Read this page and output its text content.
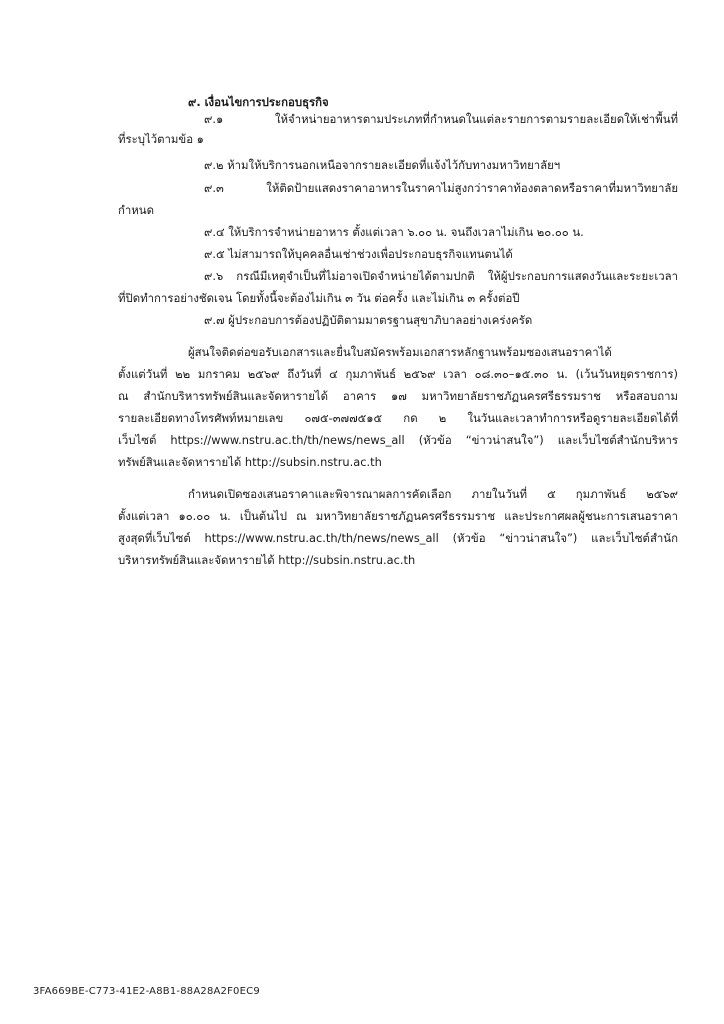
๙. เงื่อนไขการประกอบธุรกิจ
๙.๑ ให้จำหน่ายอาหารตามประเภทที่กำหนดในแต่ละรายการตามรายละเอียดให้เช่าพื้นที่
ที่ระบุไว้ตามข้อ ๑
๙.๒ ห้ามให้บริการนอกเหนือจากรายละเอียดที่แจ้งไว้กับทางมหาวิทยาลัยฯ
๙.๓ ให้ติดป้ายแสดงราคาอาหารในราคาไม่สูงกว่าราคาท้องตลาดหรือราคาที่มหาวิทยาลัย
กำหนด
๙.๔ ให้บริการจำหน่ายอาหาร ตั้งแต่เวลา ๖.๐๐ น. จนถึงเวลาไม่เกิน ๒๐.๐๐ น.
๙.๕ ไม่สามารถให้บุคคลอื่นเช่าช่วงเพื่อประกอบธุรกิจแทนตนได้
๙.๖ กรณีมีเหตุจำเป็นที่ไม่อาจเปิดจำหน่ายได้ตามปกติ ให้ผู้ประกอบการแสดงวันและระยะเวลา
ที่ปิดทำการอย่างชัดเจน โดยทั้งนี้จะต้องไม่เกิน ๓ วัน ต่อครั้ง และไม่เกิน ๓ ครั้งต่อปี
๙.๗ ผู้ประกอบการต้องปฏิบัติตามมาตรฐานสุขาภิบาลอย่างเคร่งครัด
ผู้สนใจติดต่อขอรับเอกสารและยื่นใบสมัครพร้อมเอกสารหลักฐานพร้อมซองเสนอราคาได้
ตั้งแต่วันที่ ๒๒ มกราคม ๒๕๖๙ ถึงวันที่ ๔ กุมภาพันธ์ ๒๕๖๙ เวลา ๐๘.๓๐–๑๕.๓๐ น. (เว้นวันหยุดราชการ)
ณ สำนักบริหารทรัพย์สินและจัดหารายได้ อาคาร ๑๗ มหาวิทยาลัยราชภัฏนครศรีธรรมราช หรือสอบถาม
รายละเอียดทางโทรศัพท์หมายเลข ๐๗๕-๓๗๗๕๑๕ กด ๒ ในวันและเวลาทำการหรือดูรายละเอียดได้ที่
เว็บไซต์ https://www.nstru.ac.th/th/news/news_all (หัวข้อ “ข่าวน่าสนใจ”) และเว็บไซต์สำนักบริหาร
ทรัพย์สินและจัดหารายได้ http://subsin.nstru.ac.th
กำหนดเปิดซองเสนอราคาและพิจารณาผลการคัดเลือก ภายในวันที่ ๕ กุมภาพันธ์ ๒๕๖๙
ตั้งแต่เวลา ๑๐.๐๐ น. เป็นต้นไป ณ มหาวิทยาลัยราชภัฏนครศรีธรรมราช และประกาศผลผู้ชนะการเสนอราคา
สูงสุดที่เว็บไซต์ https://www.nstru.ac.th/th/news/news_all (หัวข้อ “ข่าวน่าสนใจ”) และเว็บไซต์สำนัก
บริหารทรัพย์สินและจัดหารายได้ http://subsin.nstru.ac.th
3FA669BE-C773-41E2-A8B1-88A28A2F0EC9
